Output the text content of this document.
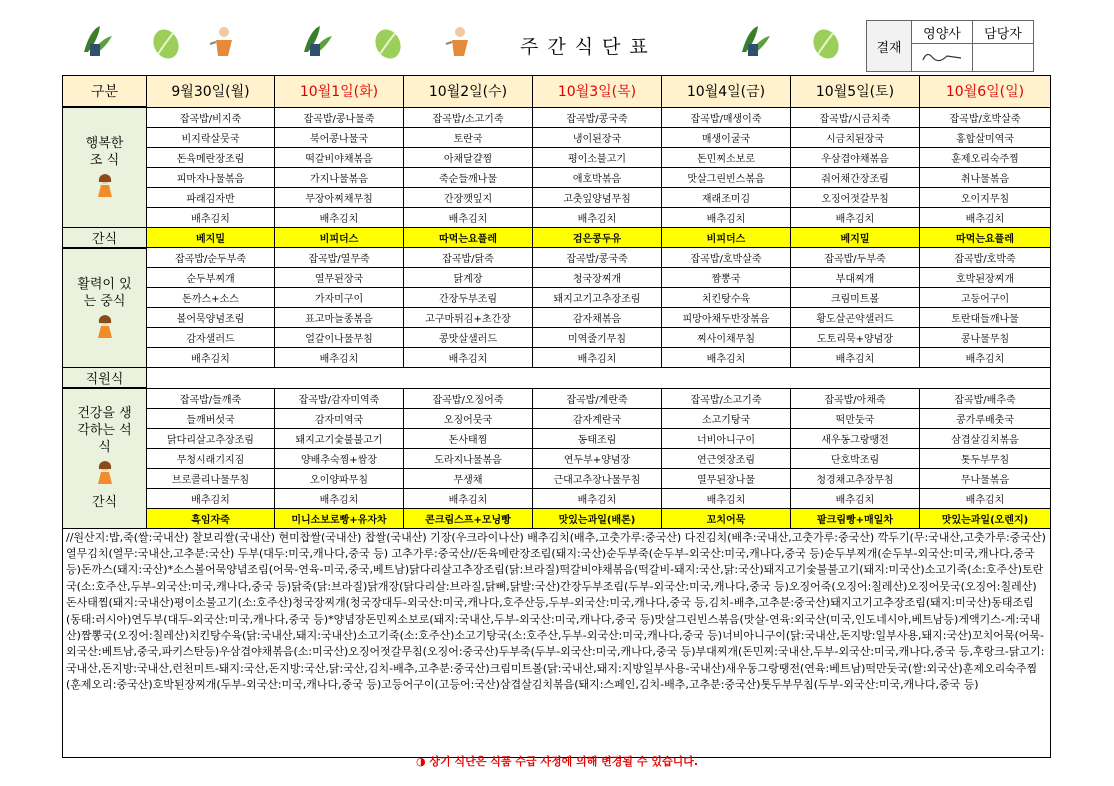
주간식단표	결재	영양사	담당자

구분	9월30일(월)	10월1일(화)	10월2일(수)	10월3일(목)	10월4일(금)	10월5일(토)	10월6일(일)

행복한 조 식	잡곡밥/비지죽	잡곡밥/콩나물죽	잡곡밥/소고기죽	잡곡밥/콩국죽	잡곡밥/매생이죽	잡곡밥/시금치죽	잡곡밥/호박살죽
	비지락살뭇국	북어콩나물국	토란국	냉이된장국	매생이굴국	시금치된장국	홍합살미역국
	돈육메란장조림	떡갈비야채볶음	아채달걀찜	평이소불고기	돈민찌소보로	우삼겹야채볶음	훈제오리숙주찜
	피마자나물볶음	가지나물볶음	죽순들깨나물	애호박볶음	맛살그린빈스볶음	줘어채간장조림	취나물볶음
	파래김자반	무장아찌채무침	간장깻잎지	고춧잎양념무침	재래조미김	오징어젓갈무침	오이지무침
	배추김치	배추김치	배추김치	배추김치	배추김치	배추김치	배추김치
간식	베지밀	비피더스	따먹는요플레	검은콩두유	비피더스	베지밀	따먹는요플레

활력이 있는 중식	잡곡밥/순두부죽	잡곡밥/열무죽	잡곡밥/닭죽	잡곡밥/콩국죽	잡곡밥/호박살죽	잡곡밥/두부죽	잡곡밥/호박죽
	순두부찌개	열무된장국	닭계장	청국장찌개	짬뽕국	부대찌개	호박된장찌개
	돈까스+소스	가자미구이	간장두부조림	돼지고기고추장조림	치킨탕수육	크림미트볼	고등어구이
	볼어묵양념조림	표고마늘종볶음	고구마튀김+초간장	감자채볶음	피망아채두반장볶음	황도살곤약샐러드	토란대들깨나물
	감자샐러드	얼갈이나물무침	콩맛살샐러드	미역줄기무침	찌사이채무침	도토리묵+양념장	콩나물무침
	배추김치	배추김치	배추김치	배추김치	배추김치	배추김치	배추김치
직원식							

건강을 생각하는 석식
간식	잡곡밥/들깨죽	잡곡밥/감자미역죽	잡곡밥/오징어죽	잡곡밥/계란죽	잡곡밥/소고기죽	잡곡밥/아채죽	잡곡밥/배추죽
	들깨버섯국	감자미역국	오징어뭇국	감자계란국	소고기탕국	떡만둣국	콩가루배춧국
	닭다리살고추장조림	돼지고기숯불불고기	돈사태찜	동태조림	너비아니구이	새우동그랑땡전	삼겹살김치볶음
	무청시래기지짐	양배추숙찜+쌈장	도라지나물볶음	연두부+양념장	연근엿장조림	단호박조림	톳두부무침
	브로콜리나물무침	오이양파무침	무생채	근대고추장나물무침	열무된장나물	청경채고추장무침	무나물볶음
	배추김치	배추김치	배추김치	배추김치	배추김치	배추김치	배추김치
	흑임자죽	미니소보로빵+유자차	콘크림스프+모닝빵	맛있는과일(배론)	꼬치어묵	팥크림빵+매일차	맛있는과일(오렌지)
//원산지:밥,죽(쌀:국내산) 찰보리쌀(국내산) 현미찹쌀(국내산) 찹쌀(국내산) 기장(우크라이나산) 배추김치(배추,고춧가루:중국산) 다진김치(배추:국내산,고춧가루:중국산) 깍두기(무:국내산,고춧가루:중국산) 열무김치(열무:국내산,고추분:국산) 두부(대두:미국,캐나다,중국 등) 고추가루:중국산//돈육메란장조림(돼지:국산)순두부죽(순두부-외국산:미국,캐나다,중국 등)순두부찌개(순두부-외국산:미국,캐나다,중국 등)돈까스(돼지:국산)*소스볼어묵양념조림(어묵-연육-미국,중국,베트남)닭다리살고추장조림(닭:브라질)떡갈비야채볶음(떡갈비-돼지:국산,닭:국산)돼지고기숯불불고기(돼지:미국산)소고기죽(소:호주산)토란국(소:호주산,두부-외국산:미국,캐나다,중국 등)닭죽(닭:브라질)닭개장(닭다리살:브라질,닭뼈,닭발:국산)간장두부조림(두부-외국산:미국,캐나다,중국 등)오징어죽(오징어:칠레산)오징어뭇국(오징어:칠레산)돈사태찜(돼지:국내산)평이소불고기(소:호주산)청국장찌개(청국장대두-외국산:미국,캐나다,호주산등,두부-외국산:미국,캐나다,중국 등,김치-배추,고추분:중국산)돼지고기고추장조림(돼지:미국산)동태조림(동태:러시아)연두부(대두-외국산:미국,캐나다,중국 등)*양념장돈민찌소보로(돼지:국내산,두부-외국산:미국,캐나다,중국 등)맛살그린빈스볶음(맛살-연육:외국산(미국,인도네시아,베트남등)게액기스-게:국내산)짬뽕국(오징어:칠레산)치킨탕수육(닭:국내산,돼지:국내산)소고기죽(소:호주산)소고기탕국(소:호주산,두부-외국산:미국,캐나다,중국 등)너비아니구이(닭:국내산,돈지방:일부사용,돼지:국산)꼬치어묵(어묵-외국산:베트남,중국,파키스탄등)우삼겹야채볶음(소:미국산)오징어젓갈무침(오징어:중국산)두부죽(두부-외국산:미국,캐나다,중국 등)부대찌개(돈민찌:국내산,두부-외국산:미국,캐나다,중국 등,후랑크-닭고기:국내산,돈지방:국내산,런천미트-돼지:국산,돈지방:국산,닭:국산,김치-배추,고추분:중국산)크림미트볼(닭:국내산,돼지:지방일부사용-국내산)새우동그랑땡전(연육:베트남)떡만둣국(쌀:외국산)훈제오리숙주찜(훈제오리:중국산)호박된장찌개(두부-외국산:미국,캐나다,중국 등)고등어구이(고등어:국산)삼겹살김치볶음(돼지:스페인,김치-배추,고추분:중국산)톳두부무침(두부-외국산:미국,캐나다,중국 등)							
◑ 상기 식단은 식품 수급 사정에 의해 변경될 수 있습니다.
